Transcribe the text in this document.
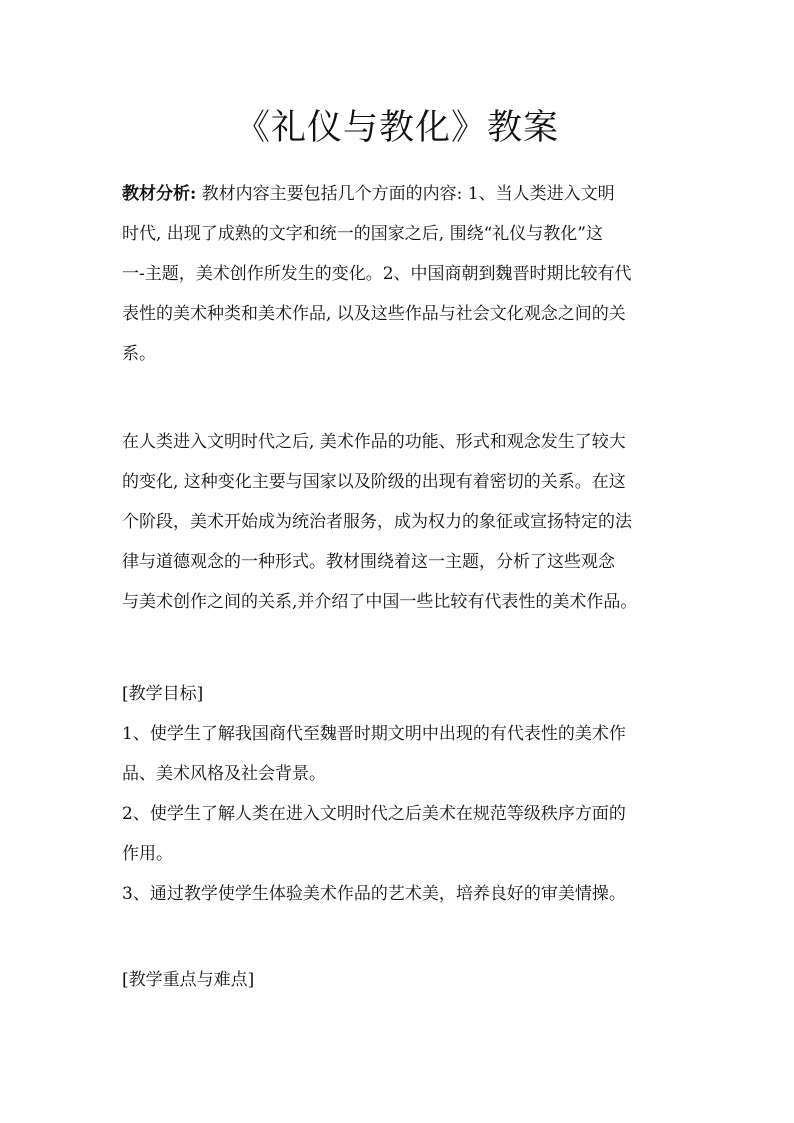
《礼仪与教化》教案
教材分析: 教材内容主要包括几个方面的内容: 1、当人类进入文明
时代, 出现了成熟的文字和统一的国家之后, 围绕“礼仪与教化”这
一-主题，美术创作所发生的变化。2、中国商朝到魏晋时期比较有代
表性的美术种类和美术作品, 以及这些作品与社会文化观念之间的关
系。
在人类进入文明时代之后, 美术作品的功能、形式和观念发生了较大
的变化, 这种变化主要与国家以及阶级的出现有着密切的关系。在这
个阶段，美术开始成为统治者服务，成为权力的象征或宣扬特定的法
律与道德观念的一种形式。教材围绕着这一主题，分析了这些观念
与美术创作之间的关系,并介绍了中国一些比较有代表性的美术作品。
[教学目标]
1、使学生了解我国商代至魏晋时期文明中出现的有代表性的美术作
品、美术风格及社会背景。
2、使学生了解人类在进入文明时代之后美术在规范等级秩序方面的
作用。
3、通过教学使学生体验美术作品的艺术美，培养良好的审美情操。
[教学重点与难点]
